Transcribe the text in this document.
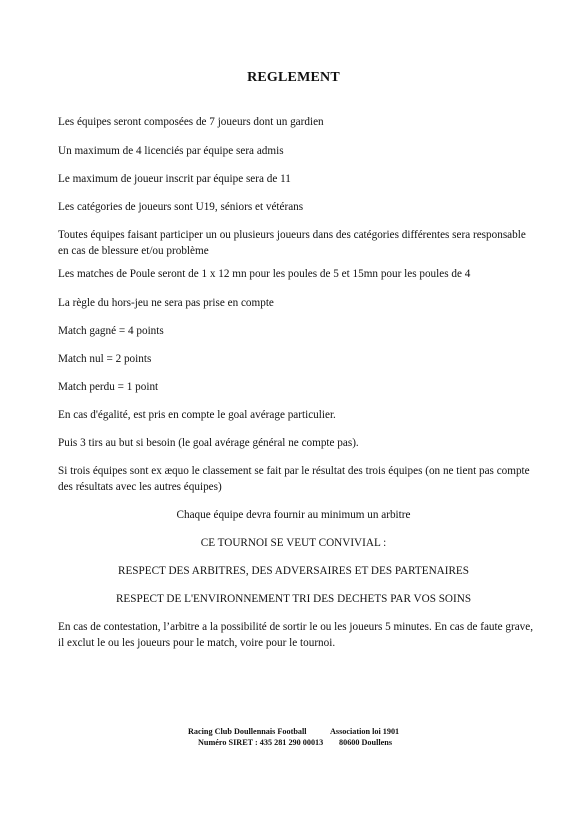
REGLEMENT
Les équipes seront composées de 7 joueurs dont un gardien
Un maximum de 4 licenciés par équipe sera admis
Le maximum de joueur inscrit par équipe sera de 11
Les catégories de joueurs sont U19, séniors et vétérans
Toutes équipes faisant participer un ou plusieurs joueurs dans des catégories différentes sera responsable en cas de blessure et/ou problème
Les matches de Poule seront de 1 x 12 mn pour les poules de 5 et 15mn pour les poules de 4
La règle du hors-jeu ne sera pas prise en compte
Match gagné = 4 points
Match nul = 2 points
Match perdu = 1 point
En cas d'égalité, est pris en compte le goal avérage particulier.
Puis 3 tirs au but si besoin (le goal avérage général ne compte pas).
Si trois équipes sont ex æquo le classement se fait par le résultat des trois équipes (on ne tient pas compte des résultats avec les autres équipes)
Chaque équipe devra fournir au minimum un arbitre
CE TOURNOI SE VEUT CONVIVIAL :
RESPECT DES ARBITRES, DES ADVERSAIRES ET DES PARTENAIRES
RESPECT DE L'ENVIRONNEMENT TRI DES DECHETS PAR VOS SOINS
En cas de contestation, l’arbitre a la possibilité de sortir le ou les joueurs 5 minutes. En cas de faute grave, il exclut le ou les joueurs pour le match, voire pour le tournoi.
Racing Club Doullennais Football	Association loi 1901
Numéro SIRET : 435 281 290 00013 80600 Doullens
